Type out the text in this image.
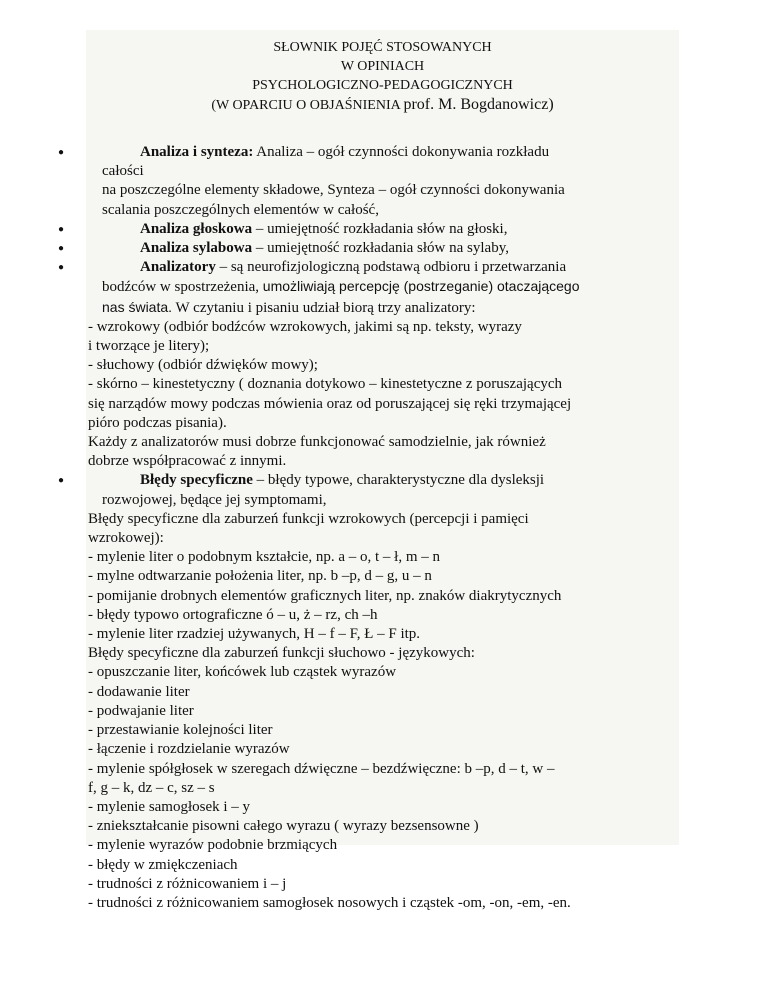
SŁOWNIK POJĘĆ STOSOWANYCH
W OPINIACH
PSYCHOLOGICZNO-PEDAGOGICZNYCH
(W OPARCIU O OBJAŚNIENIA prof. M. Bogdanowicz)
●	Analiza i synteza: Analiza – ogół czynności dokonywania rozkładu

całości

na poszczególne elementy składowe, Synteza – ogół czynności dokonywania

scalania poszczególnych elementów w całość,

●	Analiza głoskowa – umiejętność rozkładania słów na głoski,

●	Analiza sylabowa – umiejętność rozkładania słów na sylaby,

●	Analizatory – są neurofizjologiczną podstawą odbioru i przetwarzania

bodźców w spostrzeżenia, umożliwiają percepcję (postrzeganie) otaczającego

nas świata. W czytaniu i pisaniu udział biorą trzy analizatory:

- wzrokowy (odbiór bodźców wzrokowych, jakimi są np. teksty, wyrazy

i tworzące je litery);

- słuchowy (odbiór dźwięków mowy);

- skórno – kinestetyczny ( doznania dotykowo – kinestetyczne z poruszających

się narządów mowy podczas mówienia oraz od poruszającej się ręki trzymającej

pióro podczas pisania).

Każdy z analizatorów musi dobrze funkcjonować samodzielnie, jak również

dobrze współpracować z innymi.

●	Błędy specyficzne – błędy typowe, charakterystyczne dla dysleksji

rozwojowej, będące jej symptomami,

Błędy specyficzne dla zaburzeń funkcji wzrokowych (percepcji i pamięci

wzrokowej):

- mylenie liter o podobnym kształcie, np. a – o, t – ł, m – n

- mylne odtwarzanie położenia liter, np. b –p, d – g, u – n

- pomijanie drobnych elementów graficznych liter, np. znaków diakrytycznych

- błędy typowo ortograficzne ó – u, ż – rz, ch –h

- mylenie liter rzadziej używanych, H – f – F, Ł – F itp.

Błędy specyficzne dla zaburzeń funkcji słuchowo - językowych:

- opuszczanie liter, końcówek lub cząstek wyrazów

- dodawanie liter

- podwajanie liter

- przestawianie kolejności liter

- łączenie i rozdzielanie wyrazów

- mylenie spółgłosek w szeregach dźwięczne – bezdźwięczne: b –p, d – t, w –

f, g – k, dz – c, sz – s

- mylenie samogłosek i – y

- zniekształcanie pisowni całego wyrazu ( wyrazy bezsensowne )

- mylenie wyrazów podobnie brzmiących

- błędy w zmiękczeniach

- trudności z różnicowaniem i – j

- trudności z różnicowaniem samogłosek nosowych i cząstek -om, -on, -em, -en.
